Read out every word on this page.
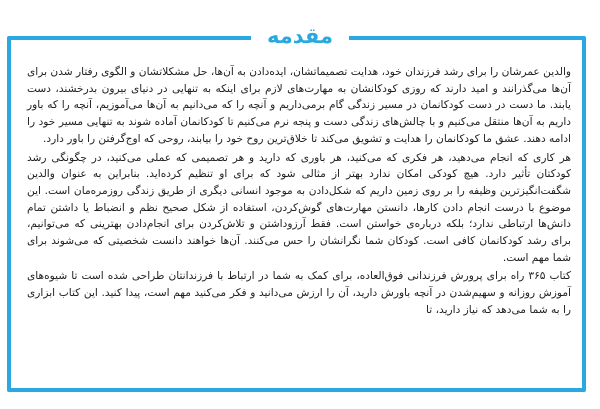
مقدمه

والدین عمرشان را برای رشد فرزندان خود، هدایت تصمیماتشان، ایده‌دادن به آن‌ها، حل مشکلاتشان و الگوی رفتار شدن برای آن‌ها می‌گذرانند و امید دارند که روزی کودکانشان به مهارت‌های لازم برای اینکه به تنهایی در دنیای بیرون بدرخشند، دست یابند. ما دست در دست کودکانمان در مسیر زندگی گام برمی‌داریم و آنچه را که می‌دانیم به آن‌ها می‌آموزیم، آنچه را که باور داریم به آن‌ها منتقل می‌کنیم و با چالش‌های زندگی دست و پنجه نرم می‌کنیم تا کودکانمان آماده شوند به تنهایی مسیر خود را ادامه دهند. عشق ما کودکانمان را هدایت و تشویق می‌کند تا خلاق‌ترین روح خود را بیابند، روحی که اوج‌گرفتن را باور دارد.

هر کاری که انجام می‌دهید، هر فکری که می‌کنید، هر باوری که دارید و هر تصمیمی که عملی می‌کنید، در چگونگی رشد کودکتان تأثیر دارد. هیچ کودکی امکان ندارد بهتر از مثالی شود که برای او تنظیم کرده‌اید. بنابراین به عنوان والدین شگفت‌انگیزترین وظیفه را بر روی زمین داریم که شکل‌دادن به موجود انسانی دیگری از طریق زندگی روزمره‌مان است. این موضوع با درست انجام دادن کارها، دانستن مهارت‌های گوش‌کردن، استفاده از شکل صحیح نظم و انضباط یا داشتن تمام دانش‌ها ارتباطی ندارد؛ بلکه درباره‌ی خواستن است. فقط آرزوداشتن و تلاش‌کردن برای انجام‌دادن بهترینی که می‌توانیم، برای رشد کودکانمان کافی است. کودکان شما نگرانشان را حس می‌کنند. آن‌ها خواهند دانست شخصیتی که می‌شوند برای شما مهم است.

کتاب ۳۶۵ راه برای پرورش فرزندانی فوق‌العاده، برای کمک به شما در ارتباط با فرزندانتان طراحی شده است تا شیوه‌های آموزش روزانه و سهیم‌شدن در آنچه باورش دارید، آن را ارزش می‌دانید و فکر می‌کنید مهم است، پیدا کنید. این کتاب ابزاری را به شما می‌دهد که نیاز دارید، تا
